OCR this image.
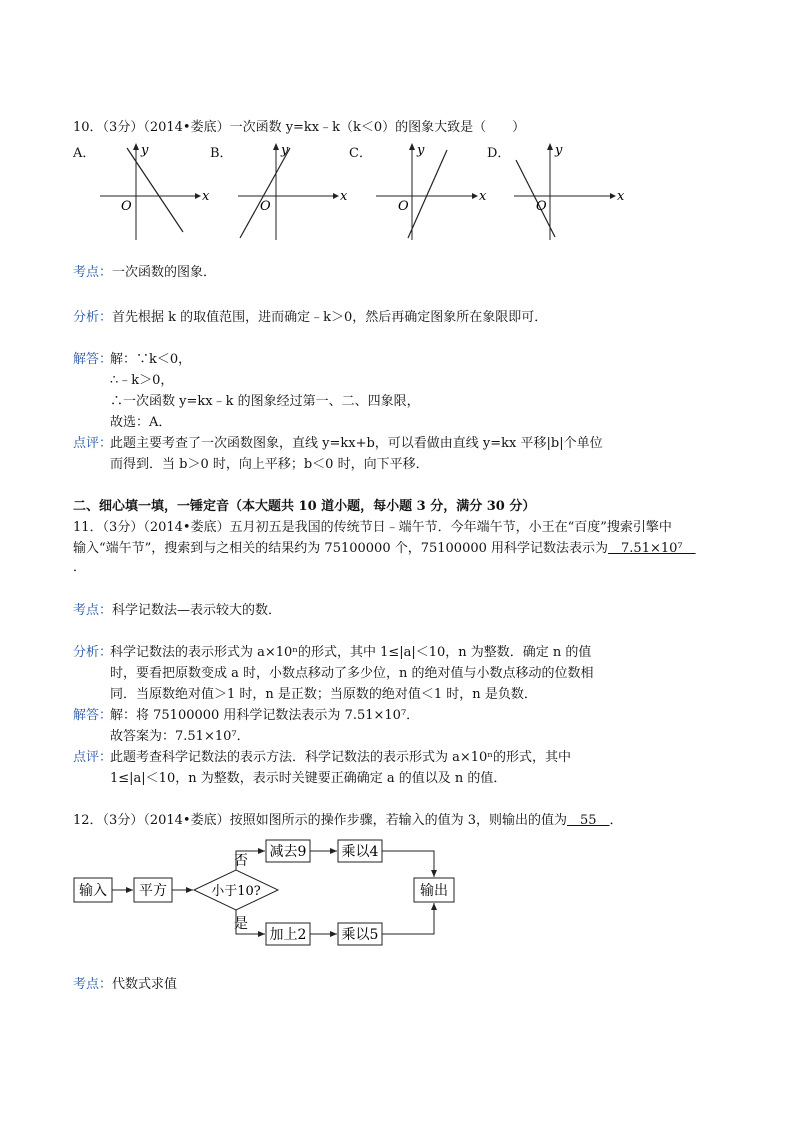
10．（3分）（2014•娄底）一次函数 y=kx﹣k（k＜0）的图象大致是（　　）
A．	B．	C．	D．
x
y
O
x
y
O
x
y
O
x
y
O
考点：一次函数的图象．
分析：首先根据 k 的取值范围，进而确定﹣k＞0，然后再确定图象所在象限即可．
解答：
解：∵k＜0，
∴﹣k＞0，
∴一次函数 y=kx﹣k 的图象经过第一、二、四象限，
故选：A．
点评：
此题主要考查了一次函数图象，直线 y=kx+b，可以看做由直线 y=kx 平移|b|个单位
而得到．当 b＞0 时，向上平移；b＜0 时，向下平移．
二、细心填一填，一锤定音（本大题共 10 道小题，每小题 3 分，满分 30 分）
11．（3分）（2014•娄底）五月初五是我国的传统节日﹣端午节．今年端午节，小王在“百度”搜索引擎中
输入“端午节”，搜索到与之相关的结果约为 75100000 个，75100000 用科学记数法表示为　7.51×10⁷　
．
考点：科学记数法—表示较大的数．
分析：
科学记数法的表示形式为 a×10ⁿ的形式，其中 1≤|a|＜10，n 为整数．确定 n 的值
时，要看把原数变成 a 时，小数点移动了多少位，n 的绝对值与小数点移动的位数相
同．当原数绝对值＞1 时，n 是正数；当原数的绝对值＜1 时，n 是负数．
解答：
解：将 75100000 用科学记数法表示为 7.51×10⁷．
故答案为：7.51×10⁷．
点评：
此题考查科学记数法的表示方法．科学记数法的表示形式为 a×10ⁿ的形式，其中
1≤|a|＜10，n 为整数，表示时关键要正确确定 a 的值以及 n 的值．
12．（3分）（2014•娄底）按照如图所示的操作步骤，若输入的值为 3，则输出的值为　55　．
输入 平方	小于10?
减去9	乘以4
加上2	乘以5
输出
否
是
考点：代数式求值
